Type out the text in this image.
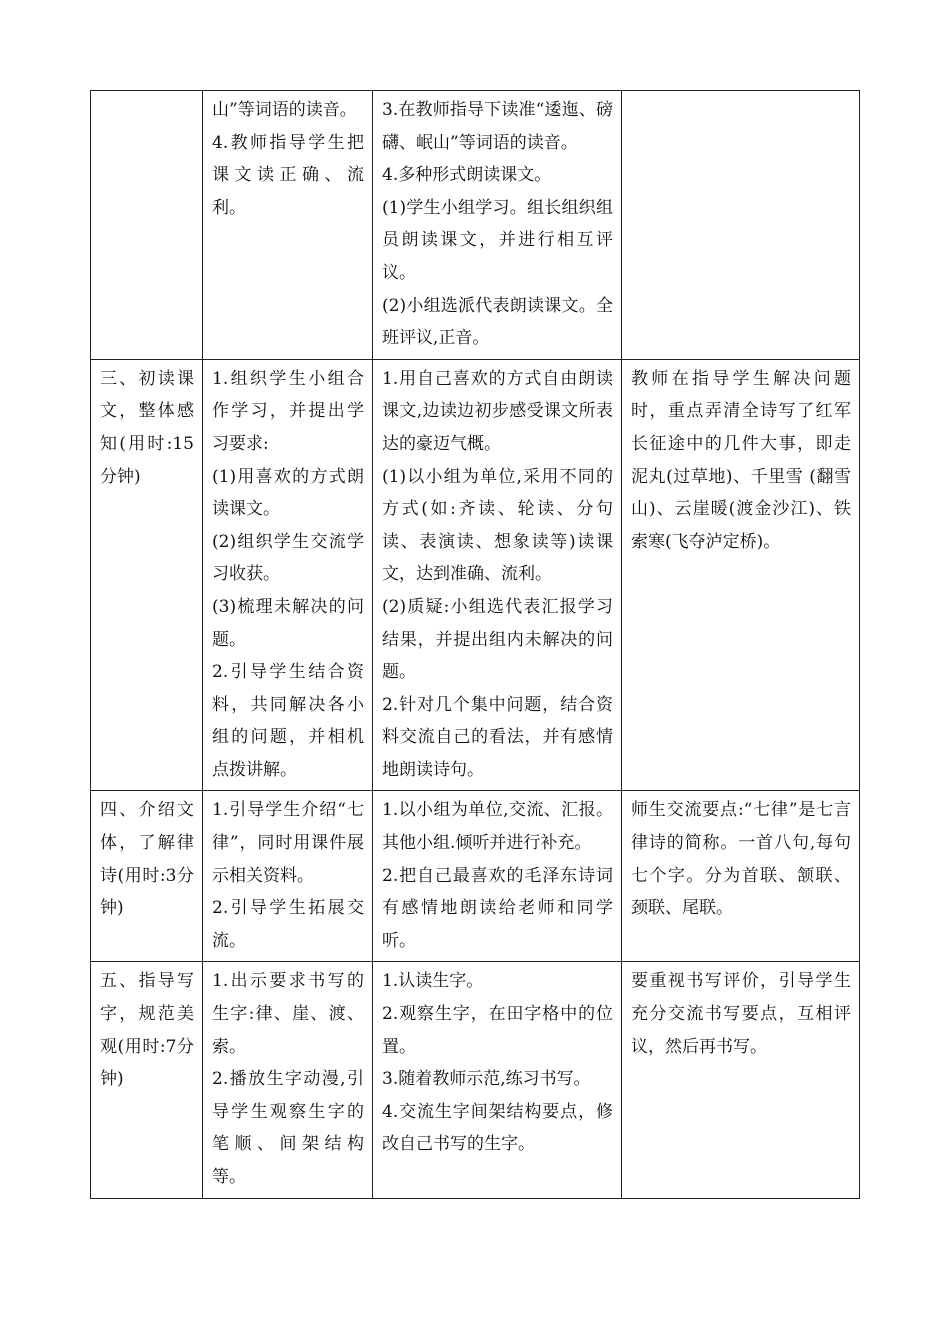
	山”等词语的读音。
4.教师指导学生把课文读正确、流利。	3.在教师指导下读准“逶迤、磅礴、岷山”等词语的读音。
4.多种形式朗读课文。
(1)学生小组学习。组长组织组员朗读课文，并进行相互评议。
(2)小组选派代表朗读课文。全班评议,正音。	

三、初读课文，整体感知(用时:15分钟)	1.组织学生小组合作学习，并提出学习要求:
(1)用喜欢的方式朗读课文。
(2)组织学生交流学习收获。
(3)梳理未解决的问题。
2.引导学生结合资料，共同解决各小组的问题，并相机点拨讲解。	1.用自己喜欢的方式自由朗读课文,边读边初步感受课文所表达的豪迈气概。
(1)以小组为单位,采用不同的方式(如:齐读、轮读、分句读、表演读、想象读等)读课文，达到准确、流利。
(2)质疑:小组选代表汇报学习结果，并提出组内未解决的问题。
2.针对几个集中问题，结合资料交流自己的看法，并有感情地朗读诗句。	教师在指导学生解决问题时，重点弄清全诗写了红军长征途中的几件大事，即走泥丸(过草地)、千里雪 (翻雪山)、云崖暖(渡金沙江)、铁索寒(飞夺泸定桥)。

四、介绍文体，了解律诗(用时:3分钟)	1.引导学生介绍“七律”，同时用课件展示相关资料。
2.引导学生拓展交流。	1.以小组为单位,交流、汇报。其他小组.倾听并进行补充。
2.把自己最喜欢的毛泽东诗词有感情地朗读给老师和同学听。	师生交流要点:“七律”是七言律诗的简称。一首八句,每句七个字。分为首联、颔联、颈联、尾联。

五、指导写字，规范美观(用时:7分钟)	1.出示要求书写的生字:律、崖、渡、索。
2.播放生字动漫,引导学生观察生字的笔顺、间架结构等。	1.认读生字。
2.观察生字，在田字格中的位置。
3.随着教师示范,练习书写。
4.交流生字间架结构要点，修改自己书写的生字。	要重视书写评价，引导学生充分交流书写要点，互相评议，然后再书写。
